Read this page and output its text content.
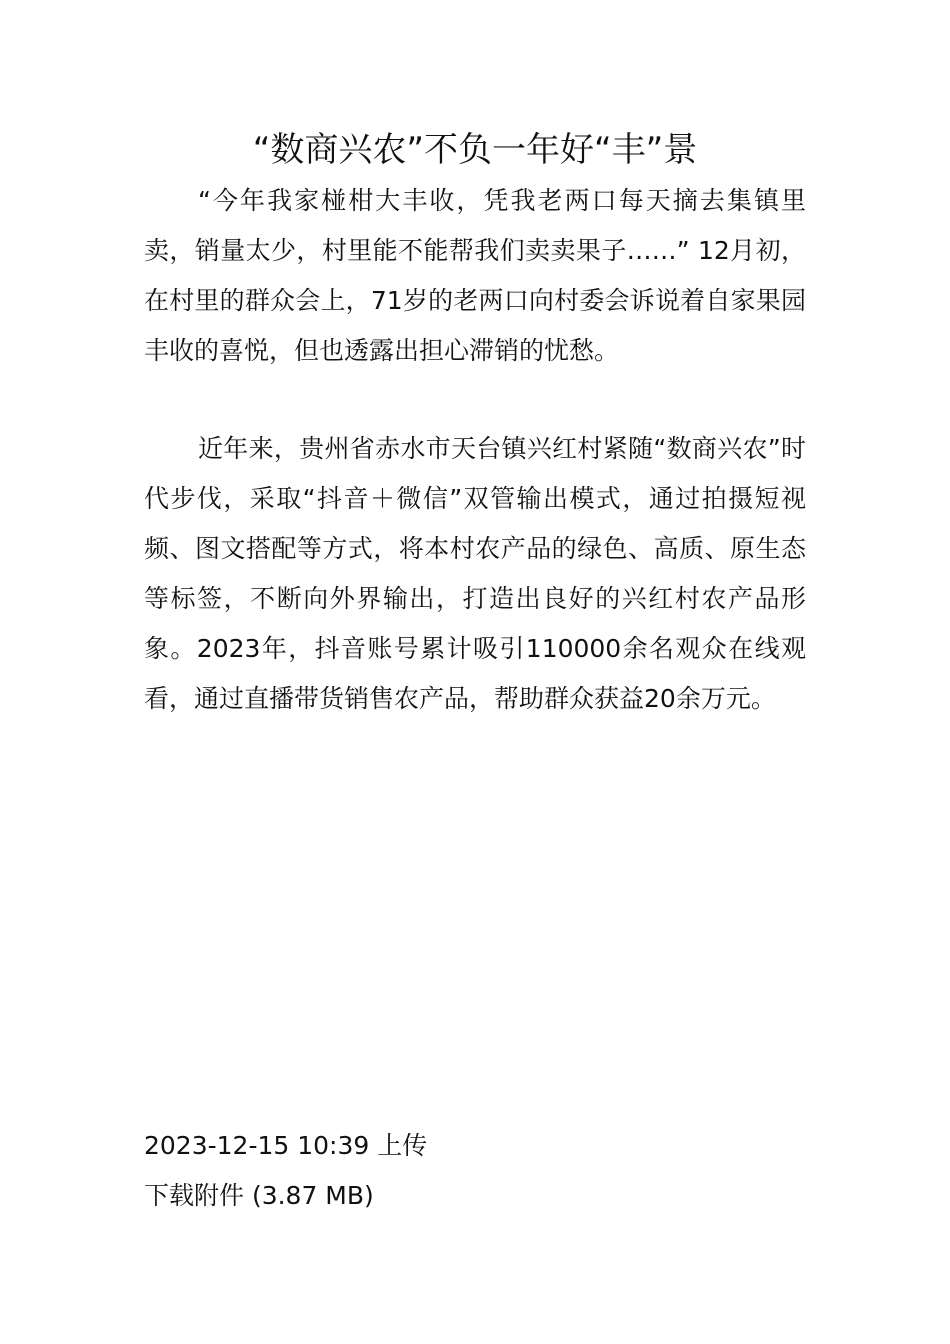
“数商兴农”不负一年好“丰”景

“今年我家椪柑大丰收，凭我老两口每天摘去集镇里卖，销量太少，村里能不能帮我们卖卖果子……” 12月初，在村里的群众会上，71岁的老两口向村委会诉说着自家果园丰收的喜悦，但也透露出担心滞销的忧愁。

近年来，贵州省赤水市天台镇兴红村紧随“数商兴农”时代步伐，采取“抖音＋微信”双管输出模式，通过拍摄短视频、图文搭配等方式，将本村农产品的绿色、高质、原生态等标签，不断向外界输出，打造出良好的兴红村农产品形象。2023年，抖音账号累计吸引110000余名观众在线观看，通过直播带货销售农产品，帮助群众获益20余万元。

2023-12-15 10:39 上传
下载附件 (3.87 MB)
